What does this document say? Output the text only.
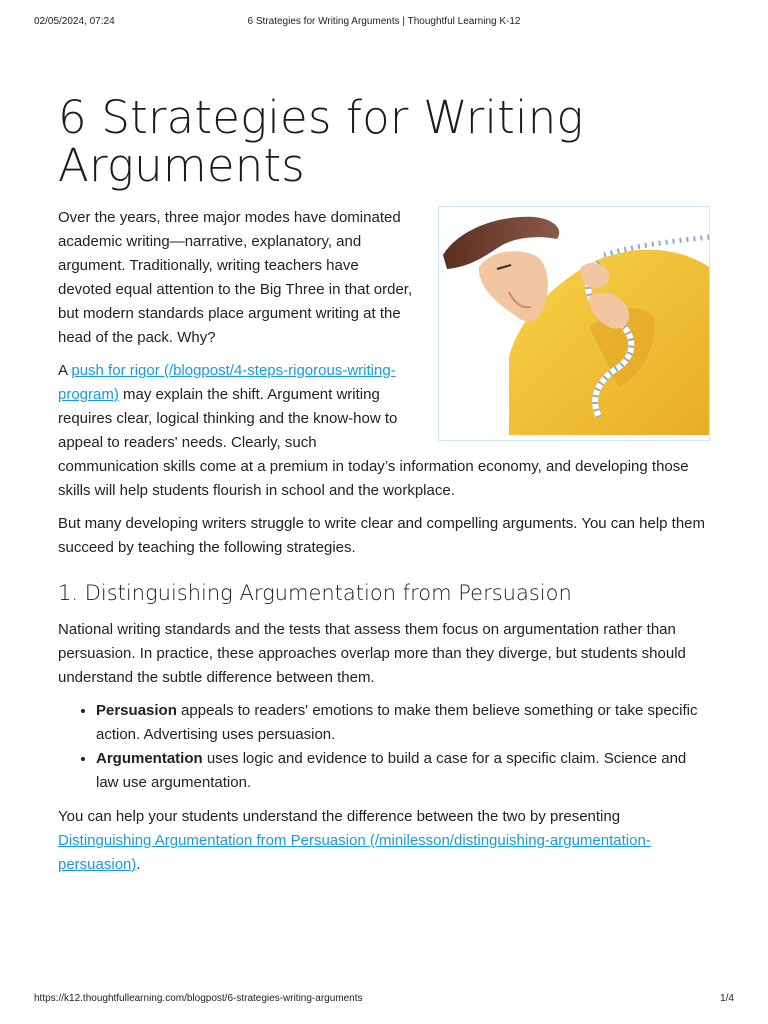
02/05/2024, 07:24	6 Strategies for Writing Arguments | Thoughtful Learning K-12
6 Strategies for Writing Arguments

Over the years, three major modes have dominated academic writing—narrative, explanatory, and argument. Traditionally, writing teachers have devoted equal attention to the Big Three in that order, but modern standards place argument writing at the head of the pack. Why?

A push for rigor (/blogpost/4-steps-rigorous-writing-program) may explain the shift. Argument writing requires clear, logical thinking and the know-how to appeal to readers' needs. Clearly, such communication skills come at a premium in today’s information economy, and developing those skills will help students flourish in school and the workplace.

But many developing writers struggle to write clear and compelling arguments. You can help them succeed by teaching the following strategies.

1. Distinguishing Argumentation from Persuasion

National writing standards and the tests that assess them focus on argumentation rather than persuasion. In practice, these approaches overlap more than they diverge, but students should understand the subtle difference between them.

• Persuasion appeals to readers' emotions to make them believe something or take specific action. Advertising uses persuasion.
• Argumentation uses logic and evidence to build a case for a specific claim. Science and law use argumentation.

You can help your students understand the difference between the two by presenting Distinguishing Argumentation from Persuasion (/minilesson/distinguishing-argumentation-persuasion).

https://k12.thoughtfullearning.com/blogpost/6-strategies-writing-arguments	1/4
